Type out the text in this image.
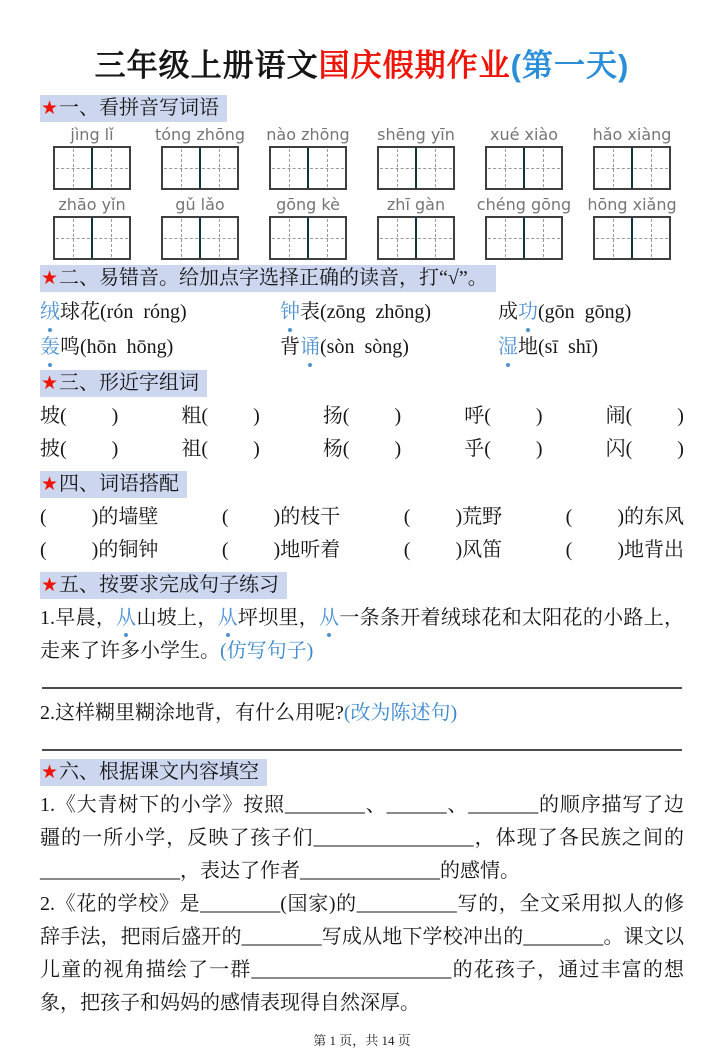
三年级上册语文国庆假期作业(第一天)
★一、看拼音写词语
jìng lǐ	tóng zhōng	nào zhōng	shēng yīn	xué xiào	hǎo xiàng
zhāo yǐn	gǔ lǎo	gōng kè	zhī gàn	chéng gōng	hōng xiǎng
★二、易错音。给加点字选择正确的读音，打“√”。
绒球花(rón  róng)	钟表(zōng  zhōng)	成功(gōn  gōng)
轰鸣(hōn  hōng)	背诵(sòn  sòng)	湿地(sī  shī)
★三、形近字组词
坡(         )	粗(         )	扬(         )	呼(         )	闹(         )
披(         )	祖(         )	杨(         )	乎(         )	闪(         )
★四、词语搭配
(         )的墙壁	(         )的枝干	(         )荒野	(         )的东风
(         )的铜钟	(         )地听着	(         )风笛	(         )地背出
★五、按要求完成句子练习
1.早晨，从山坡上，从坪坝里，从一条条开着绒球花和太阳花的小路上，走来了许多小学生。(仿写句子)
2.这样糊里糊涂地背，有什么用呢?(改为陈述句)
★六、根据课文内容填空
1.《大青树下的小学》按照________、______、_______的顺序描写了边疆的一所小学，反映了孩子们________________，体现了各民族之间的______________，表达了作者______________的感情。
2.《花的学校》是________(国家)的__________写的，全文采用拟人的修辞手法，把雨后盛开的________写成从地下学校冲出的________。课文以儿童的视角描绘了一群____________________的花孩子，通过丰富的想象，把孩子和妈妈的感情表现得自然深厚。
第 1 页，共 14 页
